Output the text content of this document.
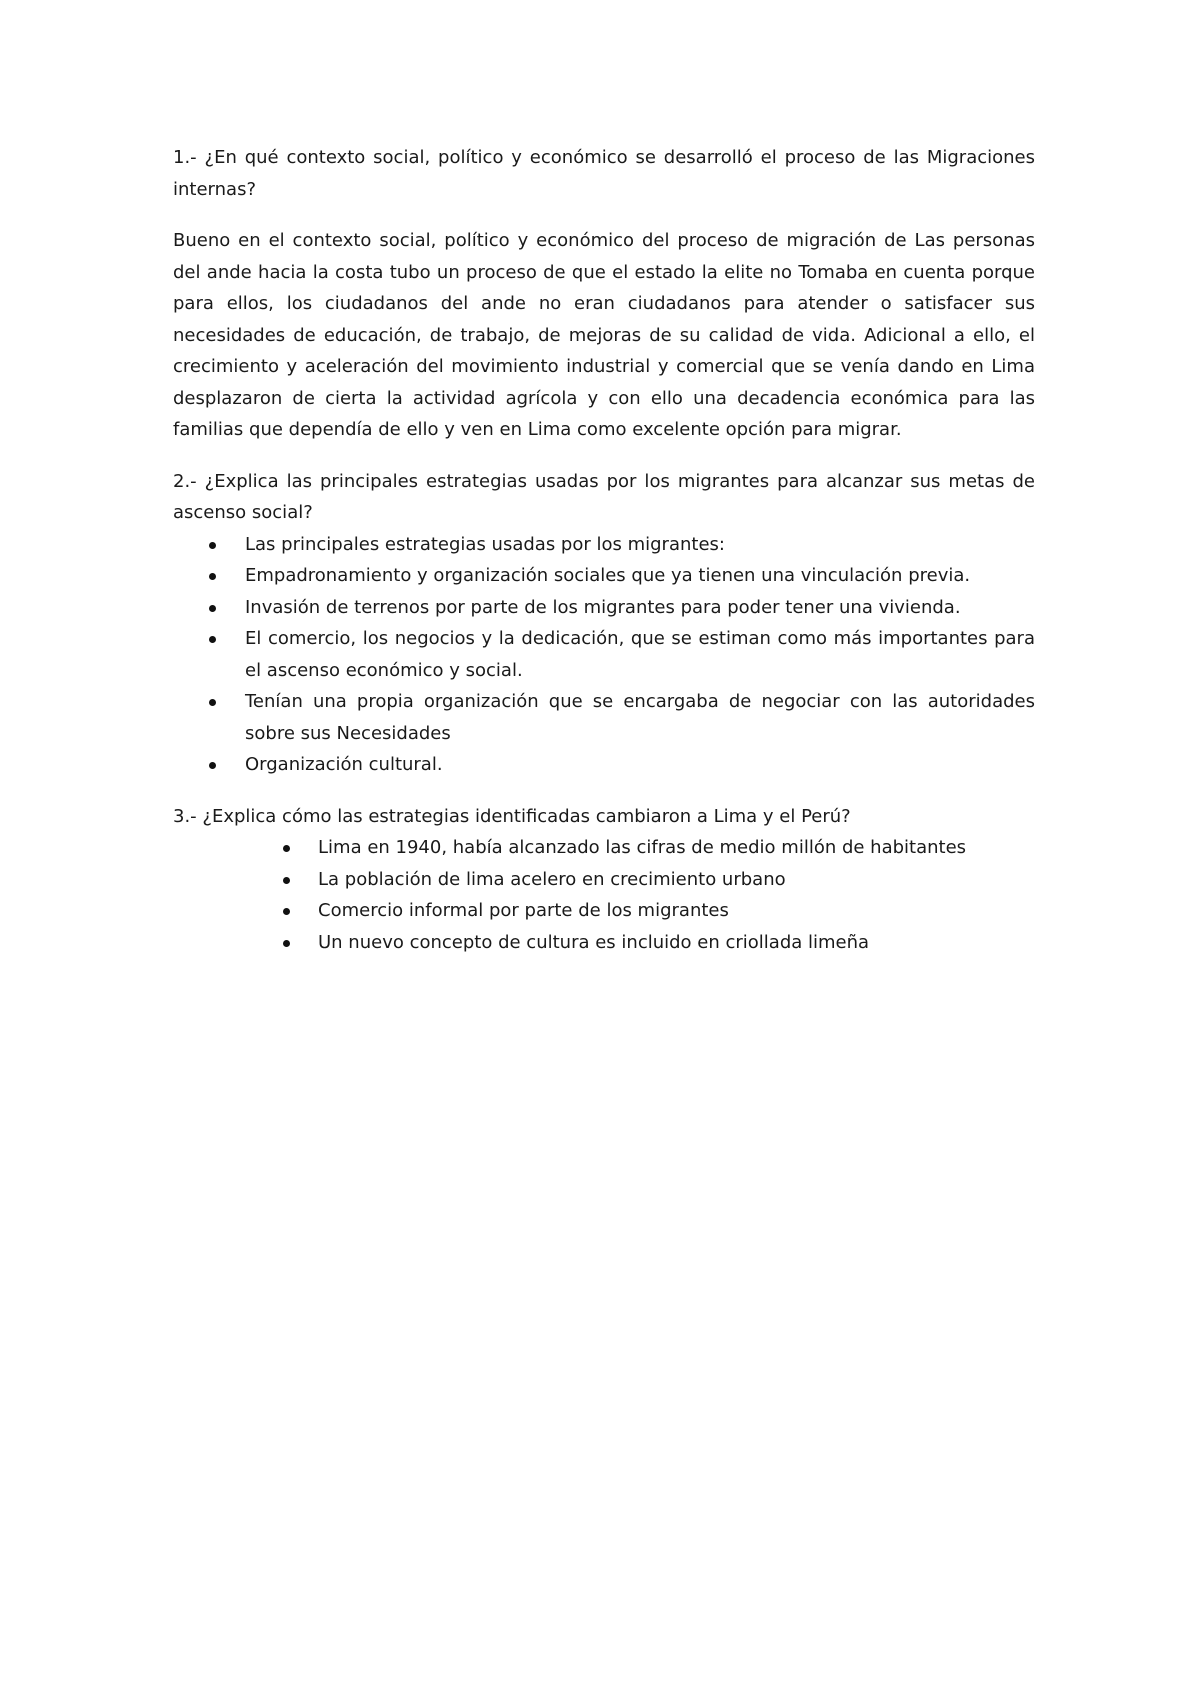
1.- ¿En qué contexto social, político y económico se desarrolló el proceso de las Migraciones internas?

Bueno en el contexto social, político y económico del proceso de migración de Las personas del ande hacia la costa tubo un proceso de que el estado la elite no Tomaba en cuenta porque para ellos, los ciudadanos del ande no eran ciudadanos para atender o satisfacer sus necesidades de educación, de trabajo, de mejoras de su calidad de vida. Adicional a ello, el crecimiento y aceleración del movimiento industrial y comercial que se venía dando en Lima desplazaron de cierta la actividad agrícola y con ello una decadencia económica para las familias que dependía de ello y ven en Lima como excelente opción para migrar.

2.- ¿Explica las principales estrategias usadas por los migrantes para alcanzar sus metas de ascenso social?

Las principales estrategias usadas por los migrantes:
Empadronamiento y organización sociales que ya tienen una vinculación previa.
Invasión de terrenos por parte de los migrantes para poder tener una vivienda.
El comercio, los negocios y la dedicación, que se estiman como más importantes para el ascenso económico y social.
Tenían una propia organización que se encargaba de negociar con las autoridades sobre sus Necesidades
Organización cultural.

3.- ¿Explica cómo las estrategias identificadas cambiaron a Lima y el Perú?

Lima en 1940, había alcanzado las cifras de medio millón de habitantes
La población de lima acelero en crecimiento urbano
Comercio informal por parte de los migrantes
Un nuevo concepto de cultura es incluido en criollada limeña
